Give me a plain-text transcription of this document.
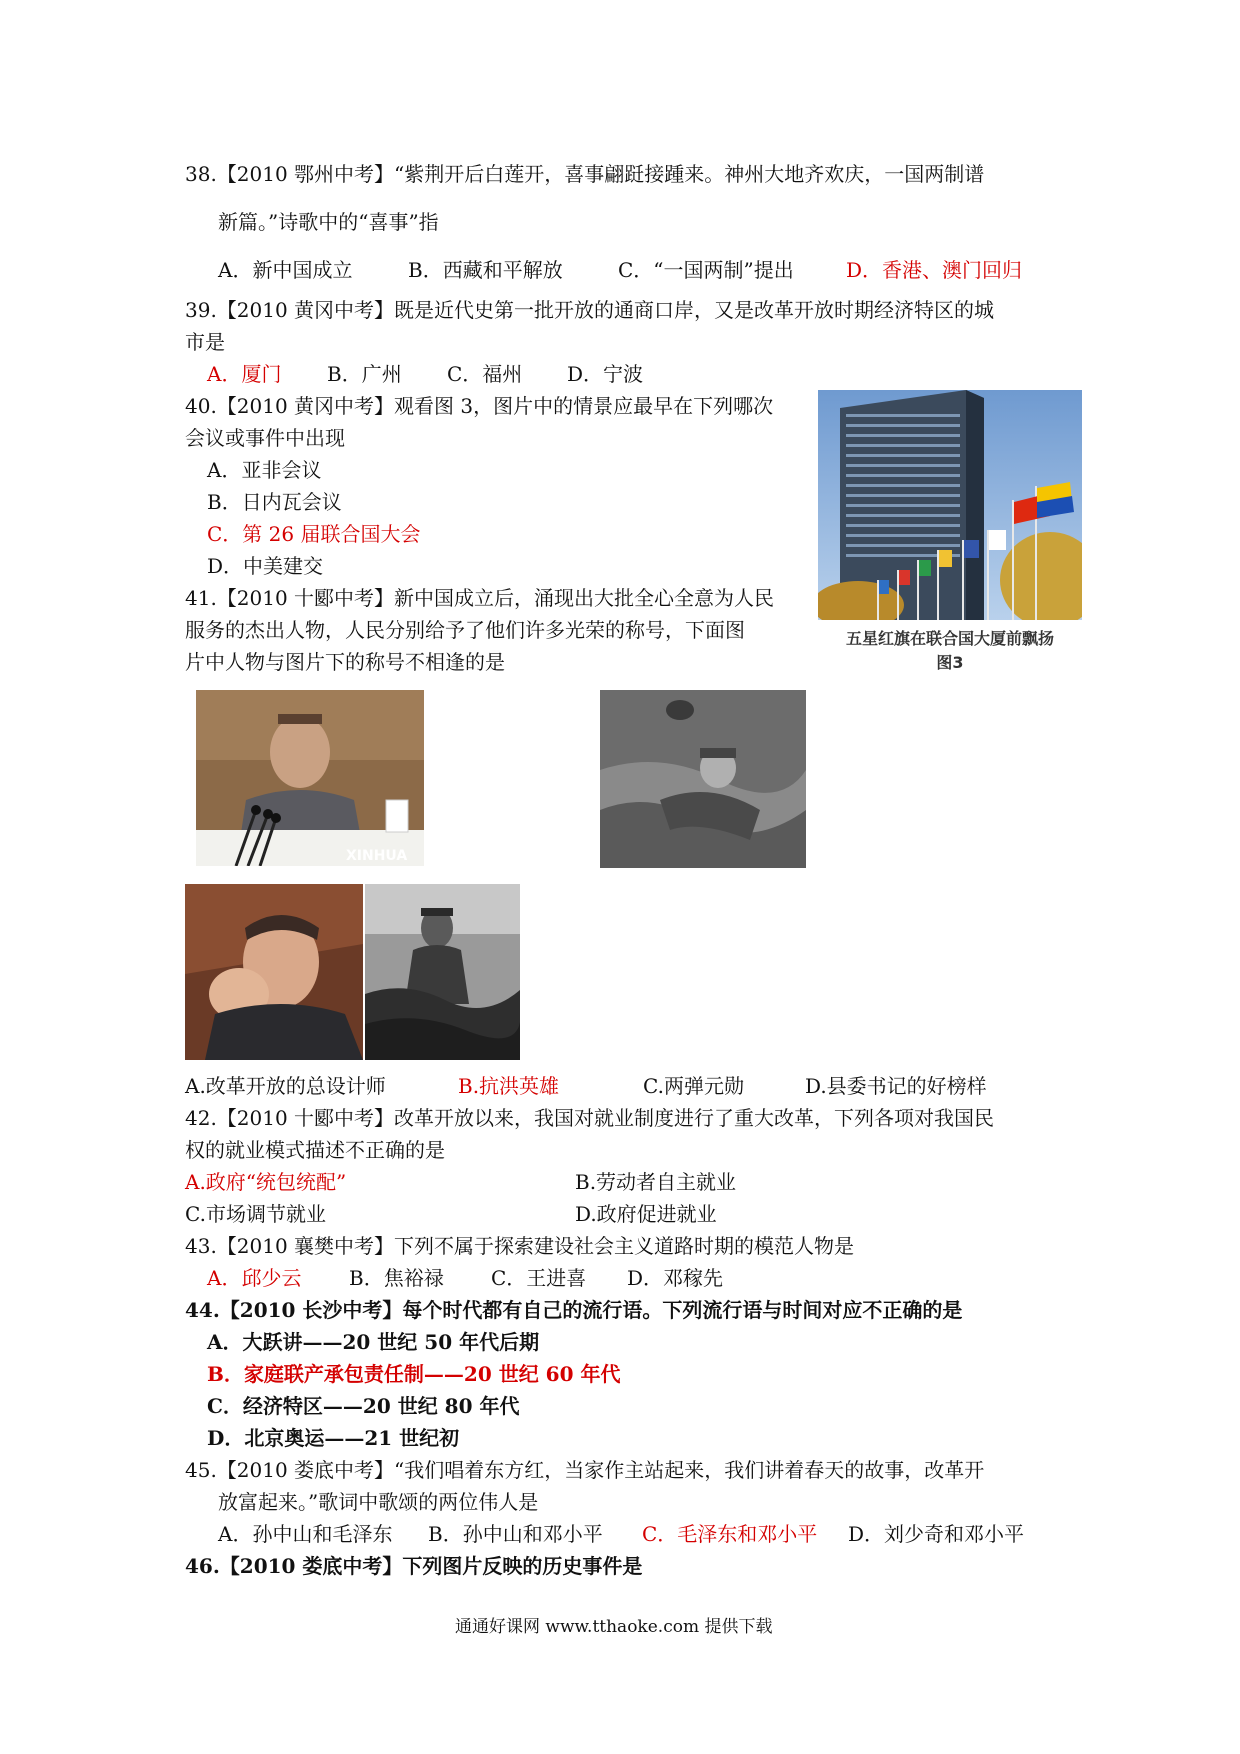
38.【2010 鄂州中考】“紫荆开后白莲开，喜事翩跹接踵来。神州大地齐欢庆，一国两制谱
新篇。”诗歌中的“喜事”指
A．新中国成立	B．西藏和平解放	C．“一国两制”提出	D．香港、澳门回归
39.【2010 黄冈中考】既是近代史第一批开放的通商口岸，又是改革开放时期经济特区的城
市是
A．厦门 B．广州 C．福州 D．宁波
40.【2010 黄冈中考】观看图 3，图片中的情景应最早在下列哪次
会议或事件中出现
A．亚非会议
B．日内瓦会议
C．第 26 届联合国大会
D．中美建交
五星红旗在联合国大厦前飘扬
图3
41.【2010 十郾中考】新中国成立后，涌现出大批全心全意为人民
服务的杰出人物，人民分别给予了他们许多光荣的称号，下面图
片中人物与图片下的称号不相逢的是
XINHUA
A.改革开放的总设计师	B.抗洪英雄	C.两弹元勋	D.县委书记的好榜样
42.【2010 十郾中考】改革开放以来，我国对就业制度进行了重大改革，下列各项对我国民
权的就业模式描述不正确的是
A.政府“统包统配”	B.劳动者自主就业
C.市场调节就业	D.政府促进就业
43.【2010 襄樊中考】下列不属于探索建设社会主义道路时期的模范人物是
A．邱少云 B．焦裕禄 C．王进喜 D．邓稼先
44.【2010 长沙中考】每个时代都有自己的流行语。下列流行语与时间对应不正确的是
A．大跃讲——20 世纪 50 年代后期
B．家庭联产承包责任制——20 世纪 60 年代
C．经济特区——20 世纪 80 年代
D．北京奥运——21 世纪初
45.【2010 娄底中考】“我们唱着东方红，当家作主站起来，我们讲着春天的故事，改革开
放富起来。”歌词中歌颂的两位伟人是
A．孙中山和毛泽东 B．孙中山和邓小平 C．毛泽东和邓小平 D．刘少奇和邓小平
46.【2010 娄底中考】下列图片反映的历史事件是
通通好课网 www.tthaoke.com 提供下载
